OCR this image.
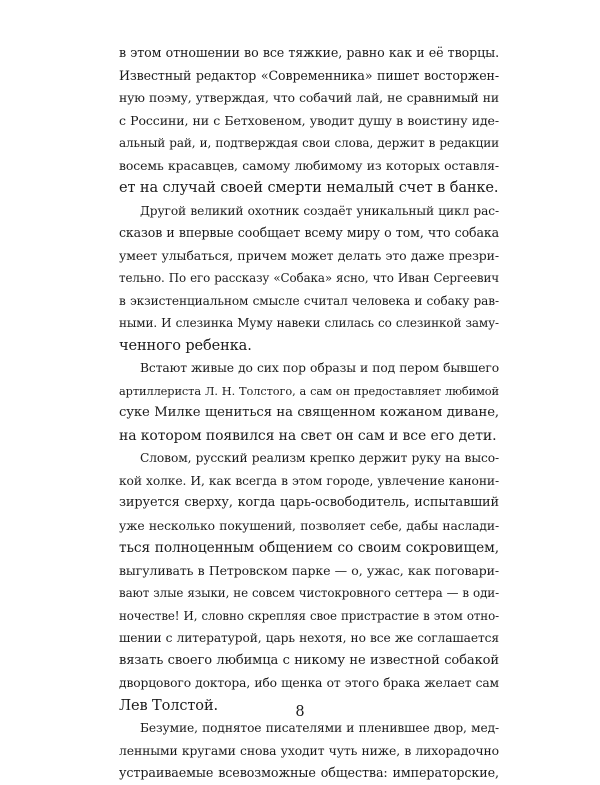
в этом отношении во все тяжкие, равно как и её творцы.
Известный редактор «Современника» пишет восторжен-
ную поэму, утверждая, что собачий лай, не сравнимый ни
с Россини, ни с Бетховеном, уводит душу в воистину иде-
альный рай, и, подтверждая свои слова, держит в редакции
восемь красавцев, самому любимому из которых оставля-
ет на случай своей смерти немалый счет в банке.
Другой великий охотник создаёт уникальный цикл рас-
сказов и впервые сообщает всему миру о том, что собака
умеет улыбаться, причем может делать это даже презри-
тельно. По его рассказу «Собака» ясно, что Иван Сергеевич
в экзистенциальном смысле считал человека и собаку рав-
ными. И слезинка Муму навеки слилась со слезинкой заму-
ченного ребенка.
Встают живые до сих пор образы и под пером бывшего
артиллериста Л. Н. Толстого, а сам он предоставляет любимой
суке Милке щениться на священном кожаном диване,
на котором появился на свет он сам и все его дети.
Словом, русский реализм крепко держит руку на высо-
кой холке. И, как всегда в этом городе, увлечение канони-
зируется сверху, когда царь-освободитель, испытавший
уже несколько покушений, позволяет себе, дабы наслади-
ться полноценным общением со своим сокровищем,
выгуливать в Петровском парке — о, ужас, как поговари-
вают злые языки, не совсем чистокровного сеттера — в оди-
ночестве! И, словно скрепляя свое пристрастие в этом отно-
шении с литературой, царь нехотя, но все же соглашается
вязать своего любимца с никому не известной собакой
дворцового доктора, ибо щенка от этого брака желает сам
Лев Толстой.
Безумие, поднятое писателями и пленившее двор, мед-
ленными кругами снова уходит чуть ниже, в лихорадочно
устраиваемые всевозможные общества: императорские,
8
